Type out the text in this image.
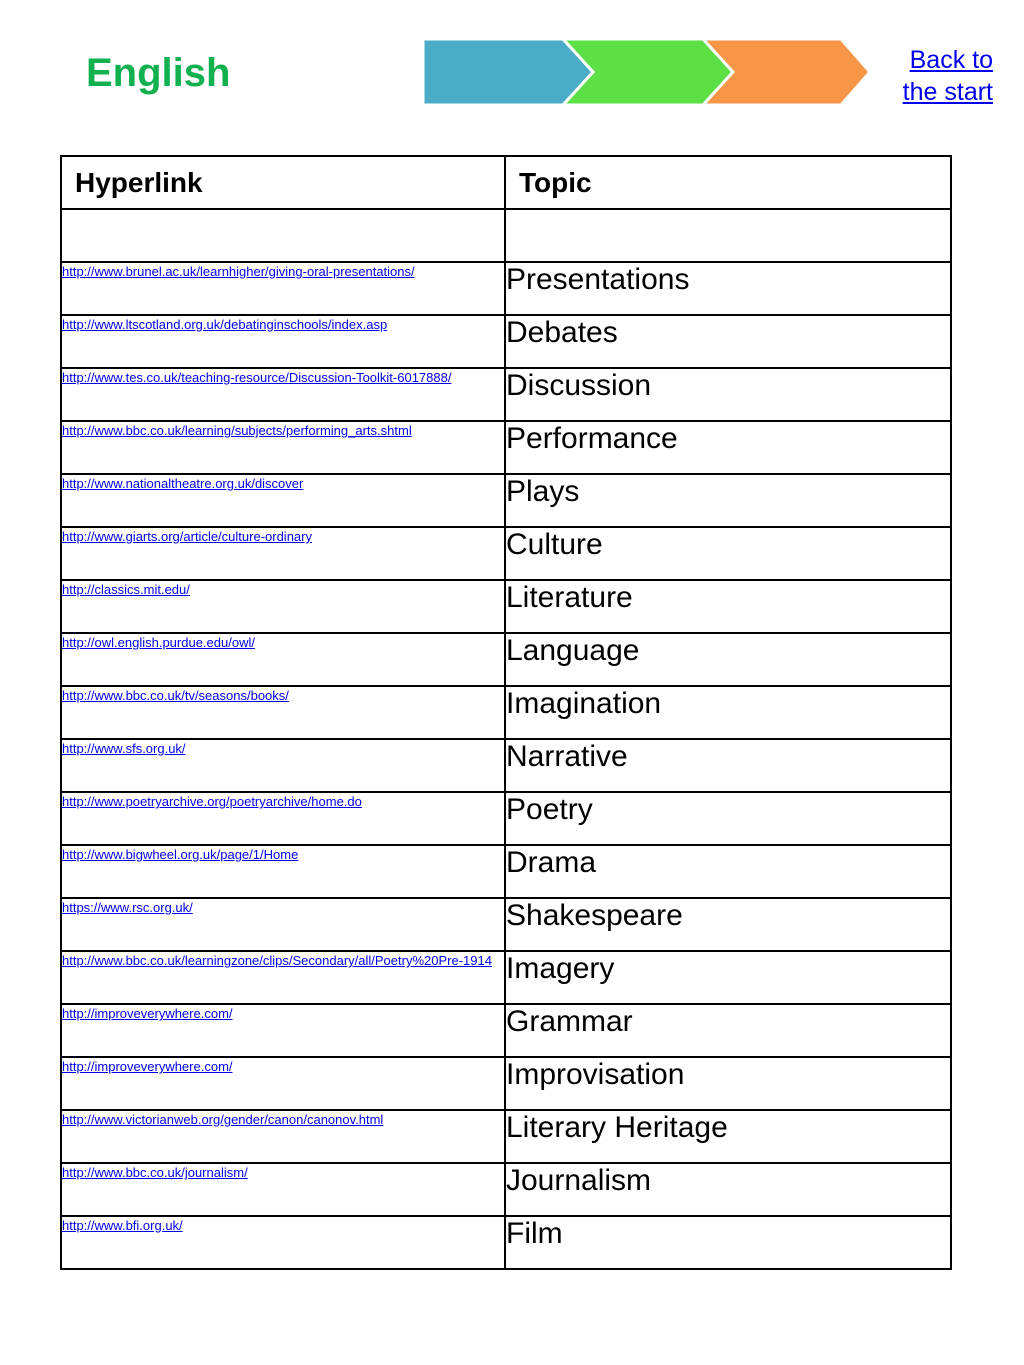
English	Back to
the start
Hyperlink	Topic

http://www.brunel.ac.uk/learnhigher/giving-oral-presentations/	Presentations

http://www.ltscotland.org.uk/debatinginschools/index.asp	Debates

http://www.tes.co.uk/teaching-resource/Discussion-Toolkit-6017888/	Discussion

http://www.bbc.co.uk/learning/subjects/performing_arts.shtml	Performance

http://www.nationaltheatre.org.uk/discover	Plays

http://www.giarts.org/article/culture-ordinary	Culture

http://classics.mit.edu/	Literature

http://owl.english.purdue.edu/owl/	Language

http://www.bbc.co.uk/tv/seasons/books/	Imagination

http://www.sfs.org.uk/	Narrative

http://www.poetryarchive.org/poetryarchive/home.do	Poetry

http://www.bigwheel.org.uk/page/1/Home	Drama

https://www.rsc.org.uk/	Shakespeare

http://www.bbc.co.uk/learningzone/clips/Secondary/all/Poetry%20Pre-1914	Imagery

http://improveverywhere.com/	Grammar

http://improveverywhere.com/	Improvisation

http://www.victorianweb.org/gender/canon/canonov.html	Literary Heritage

http://www.bbc.co.uk/journalism/	Journalism

http://www.bfi.org.uk/	Film
